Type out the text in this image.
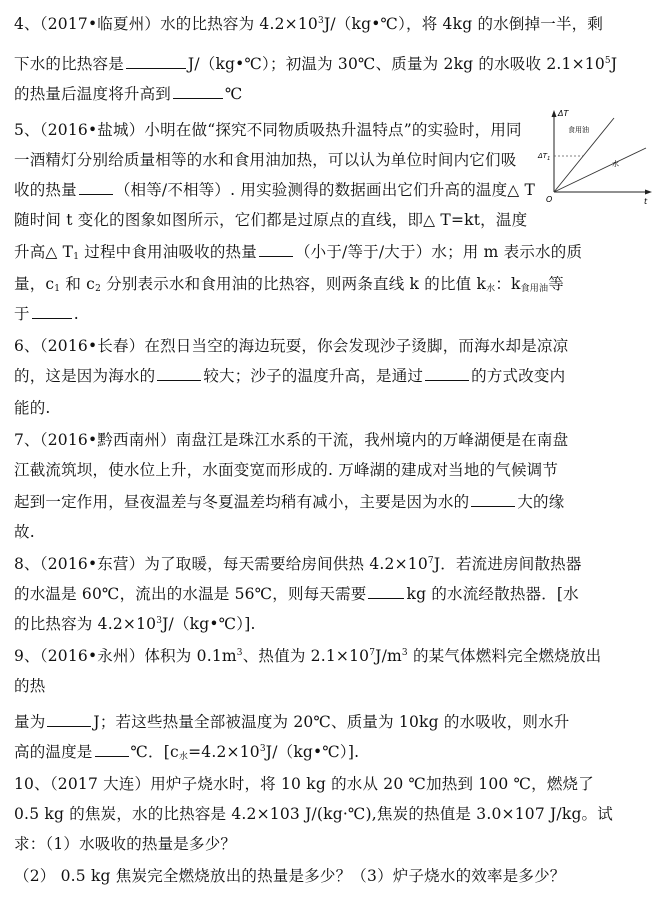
4、（2017•临夏州）水的比热容为 $4.2\times 10^3J/(kg•℃)$，将 4kg 的水倒掉一半，剩
下水的比热容是	J/（kg•℃）；初温为 30℃、质量为 2kg 的水吸收 $2.1\times 10^5J$
的热量后温度将升高到	℃
5、（2016•盐城）小明在做“探究不同物质吸热升温特点”的实验时，用同
一酒精灯分别给质量相等的水和食用油加热，可以认为单位时间内它们吸
收的热量 （相等/不相等）. 用实验测得的数据画出它们升高的温度△ T
随时间 t 变化的图象如图所示，它们都是过原点的直线，即△ T=kt，温度
升高△ $T_1$ 过程中食用油吸收的热量 （小于/等于/大于）水；用 m 表示水的质
量，$c_1$ 和 $c_2$ 分别表示水和食用油的比热容，则两条直线 k 的比值 $k_水$：$k_{食用油}$等
于	.
6、（2016•长春）在烈日当空的海边玩耍，你会发现沙子烫脚，而海水却是凉凉
的，这是因为海水的	较大；沙子的温度升高，是通过	的方式改变内
能的.
7、（2016•黔西南州）南盘江是珠江水系的干流，我州境内的万峰湖便是在南盘
江截流筑坝，使水位上升，水面变宽而形成的. 万峰湖的建成对当地的气候调节
起到一定作用，昼夜温差与冬夏温差均稍有减小，主要是因为水的	大的缘
故.
8、（2016•东营）为了取暖，每天需要给房间供热 $4.2\times 10^7J$．若流进房间散热器
的水温是 60℃，流出的水温是 56℃，则每天需要	kg 的水流经散热器．[水
的比热容为 $4.2\times 10^3J/(kg•℃)$].
9、（2016•永州）体积为 $0.1m^3$、热值为 $2.1\times 10^7J/m^3$ 的某气体燃料完全燃烧放出
的热
量为	J；若这些热量全部被温度为 20℃、质量为 10kg 的水吸收，则水升
高的温度是 ℃．$[c_水=4.2\times 10^3J/(kg•℃)]$.
10、（2017 大连）用炉子烧水时，将 10 kg 的水从 20 ℃加热到 100 ℃，燃烧了
0.5 kg 的焦炭，水的比热容是 4.2×103 J/(kg·℃),焦炭的热值是 3.0×107 J/kg。试
求：（1）水吸收的热量是多少？
（2） 0.5 kg 焦炭完全燃烧放出的热量是多少？（3）炉子烧水的效率是多少？
ΔT
t
O
$\Delta T_1$
食用油
水
